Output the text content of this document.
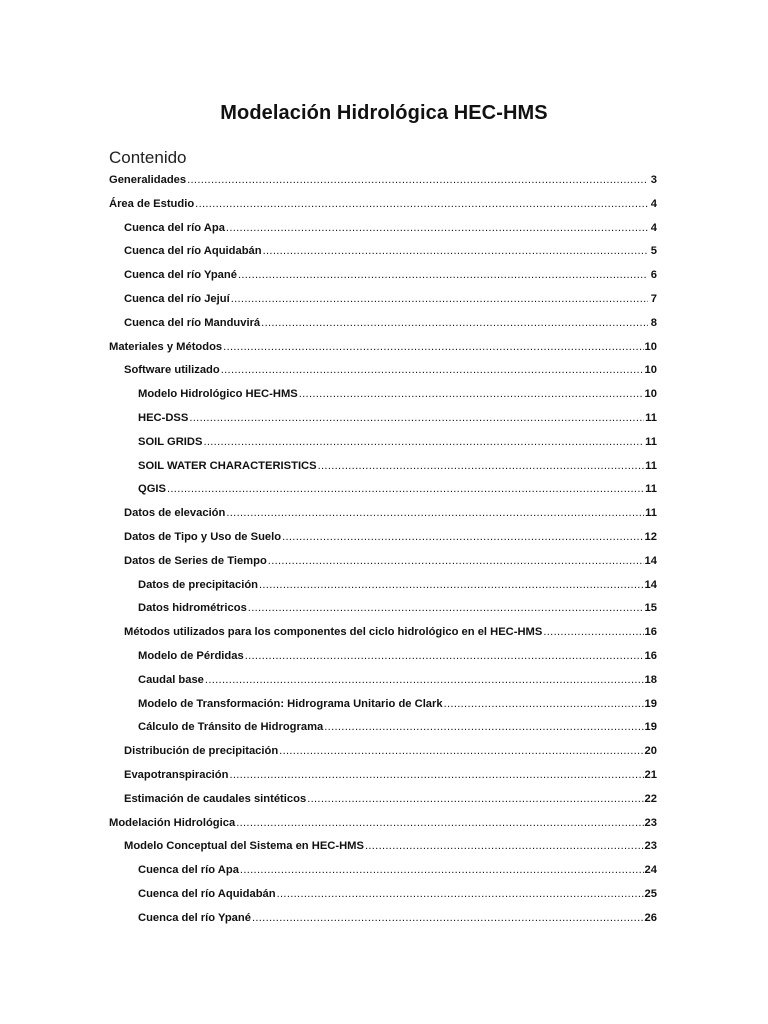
Modelación Hidrológica HEC-HMS
Contenido
Generalidades .....	3
Área de Estudio .....	4
Cuenca del río Apa .....	4
Cuenca del río Aquidabán .....	5
Cuenca del río Ypané .....	6
Cuenca del río Jejuí .....	7
Cuenca del río Manduvirá .....	8
Materiales y Métodos .....	10
Software utilizado .....	10
Modelo Hidrológico HEC-HMS .....	10
HEC-DSS .....	11
SOIL GRIDS .....	11
SOIL WATER CHARACTERISTICS .....	11
QGIS .....	11
Datos de elevación .....	11
Datos de Tipo y Uso de Suelo .....	12
Datos de Series de Tiempo .....	14
Datos de precipitación .....	14
Datos hidrométricos .....	15
Métodos utilizados para los componentes del ciclo hidrológico en el HEC-HMS .....	16
Modelo de Pérdidas .....	16
Caudal base .....	18
Modelo de Transformación: Hidrograma Unitario de Clark .....	19
Cálculo de Tránsito de Hidrograma .....	19
Distribución de precipitación .....	20
Evapotranspiración .....	21
Estimación de caudales sintéticos .....	22
Modelación Hidrológica .....	23
Modelo Conceptual del Sistema en HEC-HMS .....	23
Cuenca del río Apa .....	24
Cuenca del río Aquidabán .....	25
Cuenca del río Ypané .....	26
